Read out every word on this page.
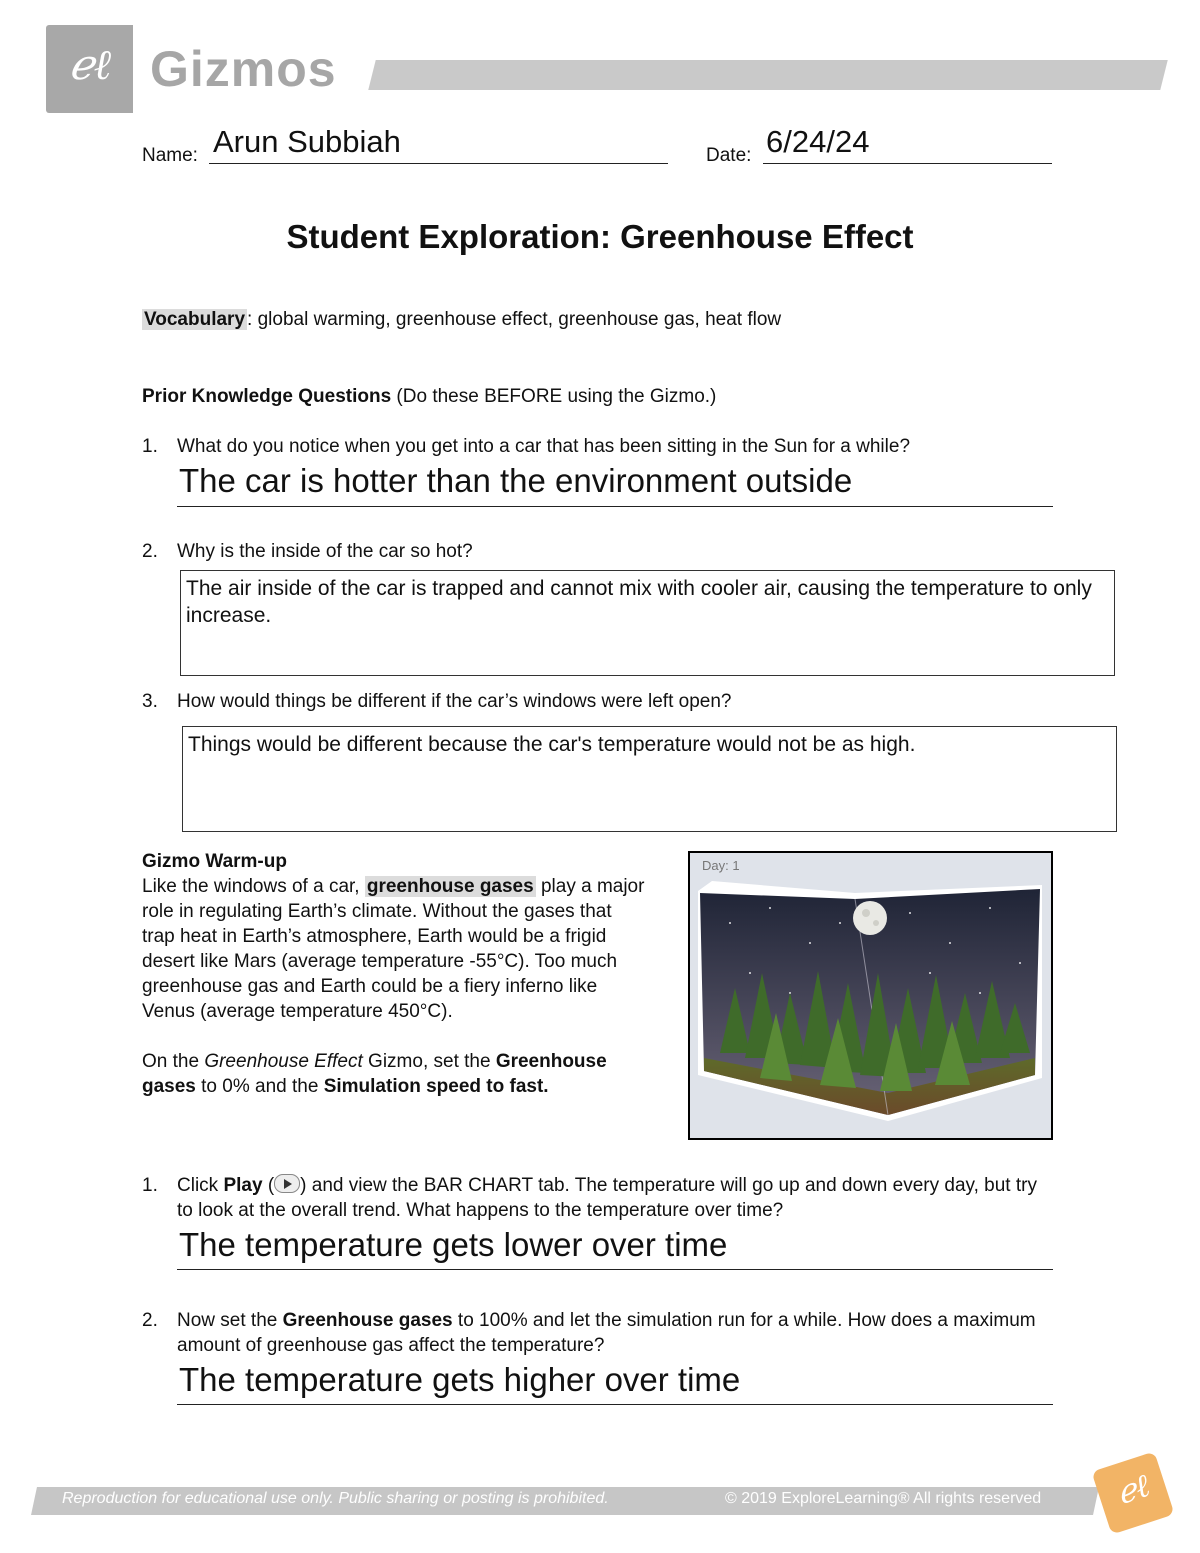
ℯℓ Gizmos
Name: Arun Subbiah	Date: 6/24/24
Student Exploration: Greenhouse Effect
Vocabulary : global warming, greenhouse effect, greenhouse gas, heat flow
Prior Knowledge Questions (Do these BEFORE using the Gizmo.)
1. What do you notice when you get into a car that has been sitting in the Sun for a while?
The car is hotter than the environment outside
2. Why is the inside of the car so hot?
The air inside of the car is trapped and cannot mix with cooler air, causing the temperature to only increase.
3. How would things be different if the car’s windows were left open?
Things would be different because the car's temperature would not be as high.
Gizmo Warm-up
Like the windows of a car, greenhouse gases play a major role in regulating Earth’s climate. Without the gases that trap heat in Earth’s atmosphere, Earth would be a frigid desert like Mars (average temperature -55°C). Too much greenhouse gas and Earth could be a fiery inferno like Venus (average temperature 450°C).
On the Greenhouse Effect Gizmo, set the Greenhouse gases to 0% and the Simulation speed to fast.
Day: 1
1. Click Play ( ) and view the BAR CHART tab. The temperature will go up and down every day, but try to look at the overall trend. What happens to the temperature over time?
The temperature gets lower over time
2. Now set the Greenhouse gases to 100% and let the simulation run for a while. How does a maximum amount of greenhouse gas affect the temperature?
The temperature gets higher over time
Reproduction for educational use only. Public sharing or posting is prohibited.	© 2019 ExploreLearning® All rights reserved	ℯℓ
